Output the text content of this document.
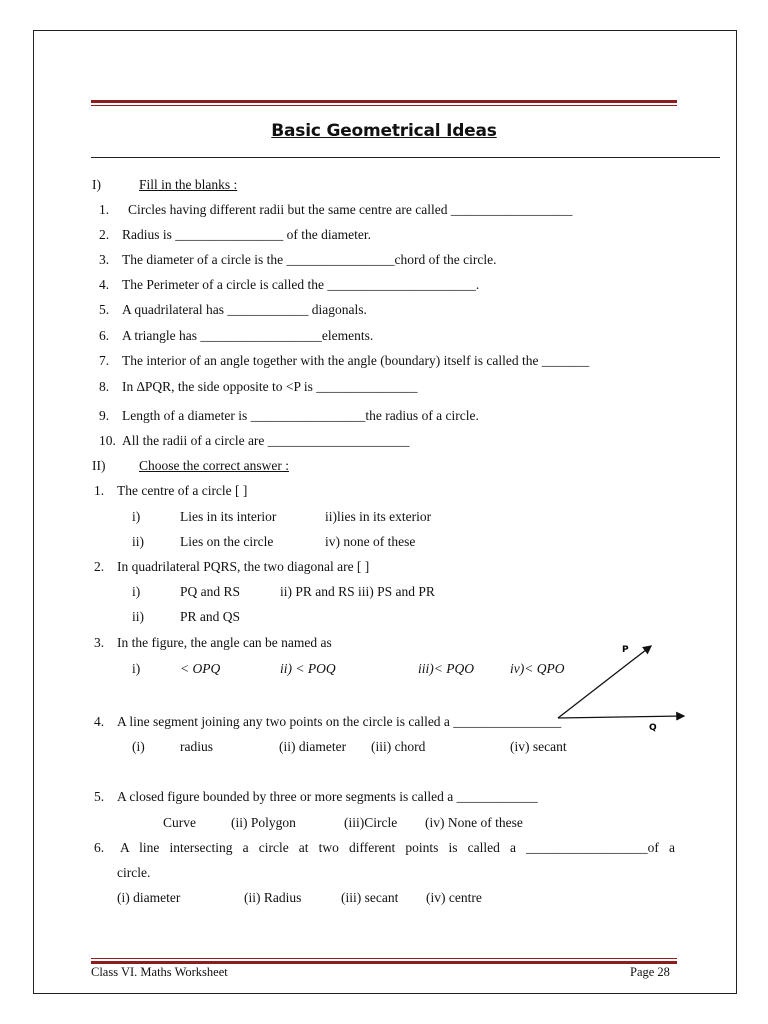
Basic Geometrical Ideas
I)	Fill in the blanks :
1. Circles having different radii but the same centre are called __________________
2. Radius is ________________ of the diameter.
3. The diameter of a circle is the ________________chord of the circle.
4. The Perimeter of a circle is called the ______________________.
5. A quadrilateral has ____________ diagonals.
6. A triangle has __________________elements.
7. The interior of an angle together with the angle (boundary) itself is called the _______
8. In ∆PQR, the side opposite to <P is _______________
9. Length of a diameter is _________________the radius of a circle.
10. All the radii of a circle are _____________________
II) Choose the correct answer :
1. The centre of a circle [ ]
i)	Lies in its interior	ii)lies in its exterior
ii)	Lies on the circle	iv) none of these
2. In quadrilateral PQRS, the two diagonal are [ ]
i)	PQ and RS	ii) PR and RS iii) PS and PR
ii)	PR and QS
3. In the figure, the angle can be named as
i)	< OPQ	ii) < POQ	iii)< PQO	iv)< QPO
P
Q
4. A line segment joining any two points on the circle is called a ________________
(i)	radius	(ii) diameter (iii) chord	(iv) secant
5. A closed figure bounded by three or more segments is called a ____________
Curve	(ii) Polygon	(iii)Circle (iv) None of these
6. A line intersecting a circle at two different points is called a __________________of a
circle.
(i) diameter	(ii) Radius	(iii) secant (iv) centre
Class VI. Maths Worksheet	Page 28
